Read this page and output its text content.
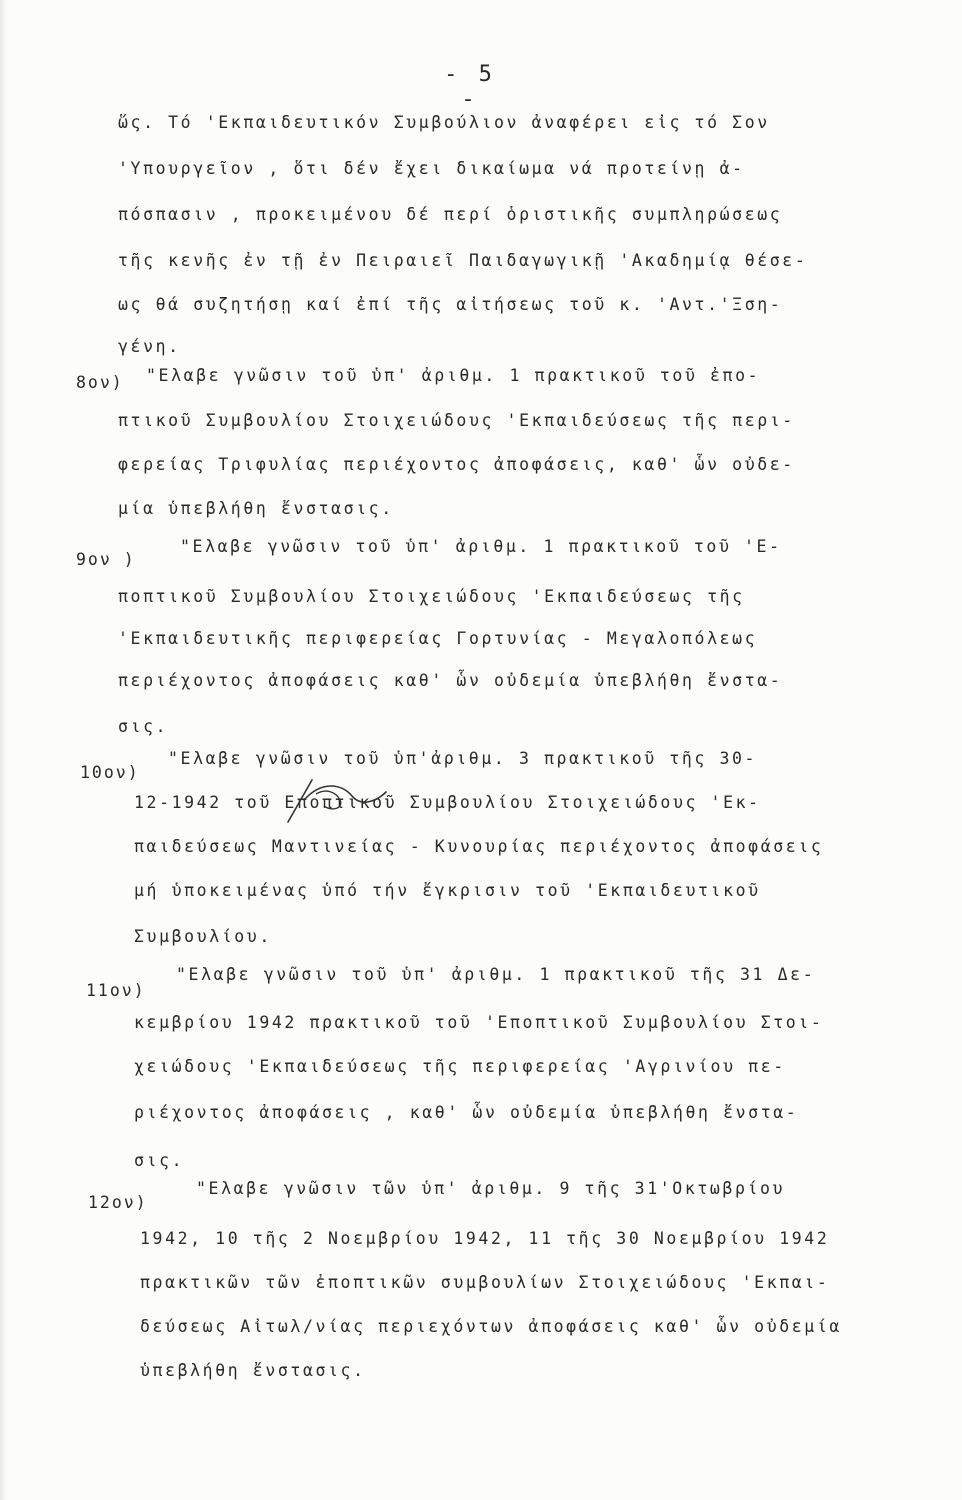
- 5 -
ὥς. Τό 'Εκπαιδευτικόν Συμβούλιον ἀναφέρει εἰς τό Σον
'Υπουργεῖον , ὅτι δέν ἔχει δικαίωμα νά προτείνῃ ἀ-
πόσπασιν , προκειμένου δέ περί ὁριστικῆς συμπληρώσεως
τῆς κενῆς ἐν τῇ ἐν Πειραιεῖ Παιδαγωγικῇ 'Ακαδημίᾳ θέσε-
ως θά συζητήσῃ καί ἐπί τῆς αἰτήσεως τοῦ κ. 'Αντ.'Ξση-
γένη.
8ον) "Ελαβε γνῶσιν τοῦ ὑπ' ἀριθμ. 1 πρακτικοῦ τοῦ ἐπο-
πτικοῦ Συμβουλίου Στοιχειώδους 'Εκπαιδεύσεως τῆς περι-
φερείας Τριφυλίας περιέχοντος ἀποφάσεις, καθ' ὧν οὐδε-
μία ὑπεβλήθη ἔνστασις.
9ον )
"Ελαβε γνῶσιν τοῦ ὑπ' ἀριθμ. 1 πρακτικοῦ τοῦ 'Ε-
ποπτικοῦ Συμβουλίου Στοιχειώδους 'Εκπαιδεύσεως τῆς
'Εκπαιδευτικῆς περιφερείας Γορτυνίας - Μεγαλοπόλεως
περιέχοντος ἀποφάσεις καθ' ὧν οὐδεμία ὑπεβλήθη ἔνστα-
σις.
10ον)
"Ελαβε γνῶσιν τοῦ ὑπ'ἀριθμ. 3 πρακτικοῦ τῆς 30-
12-1942 τοῦ Εποπτικοῦ Συμβουλίου Στοιχειώδους 'Εκ-
παιδεύσεως Μαντινείας - Κυνουρίας περιέχοντος ἀποφάσεις
μή ὑποκειμένας ὑπό τήν ἔγκρισιν τοῦ 'Εκπαιδευτικοῦ
Συμβουλίου.
11ον)
"Ελαβε γνῶσιν τοῦ ὑπ' ἀριθμ. 1 πρακτικοῦ τῆς 31 Δε-
κεμβρίου 1942 πρακτικοῦ τοῦ 'Εποπτικοῦ Συμβουλίου Στοι-
χειώδους 'Εκπαιδεύσεως τῆς περιφερείας 'Αγρινίου πε-
ριέχοντος ἀποφάσεις , καθ' ὧν οὐδεμία ὑπεβλήθη ἔνστα-
σις.
12ον)
"Ελαβε γνῶσιν τῶν ὑπ' ἀριθμ. 9 τῆς 31'Οκτωβρίου
1942, 10 τῆς 2 Νοεμβρίου 1942, 11 τῆς 30 Νοεμβρίου 1942
πρακτικῶν τῶν ἐποπτικῶν συμβουλίων Στοιχειώδους 'Εκπαι-
δεύσεως Αἰτωλ/νίας περιεχόντων ἀποφάσεις καθ' ὧν οὐδεμία
ὑπεβλήθη ἔνστασις.
